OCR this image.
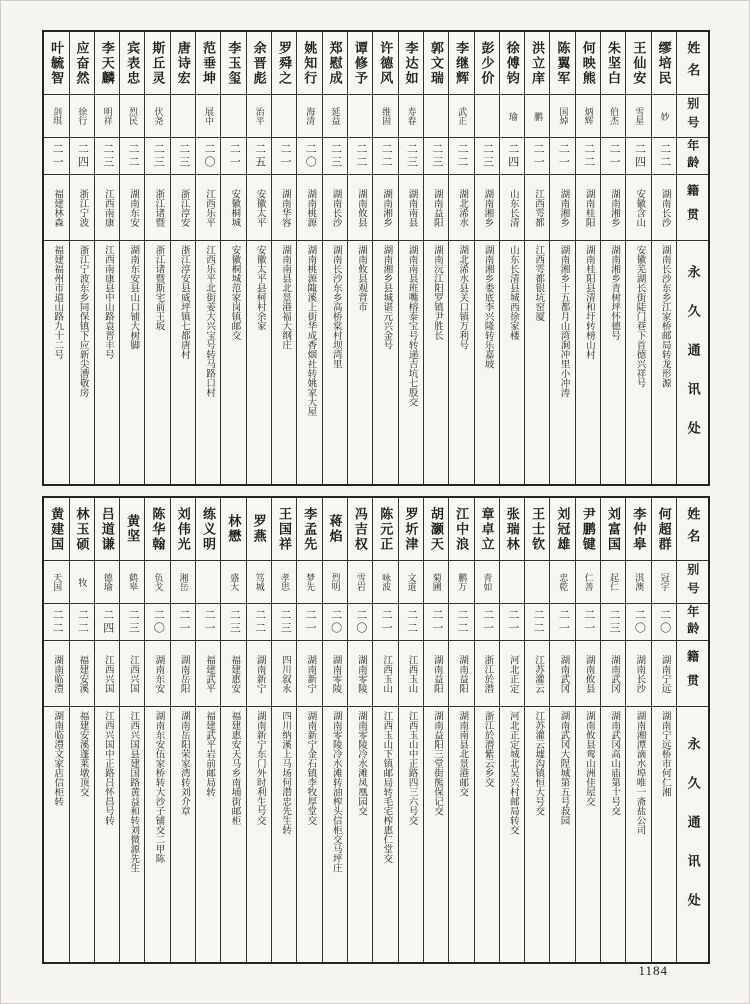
姓名
别号
年龄
籍贯
永久通讯处
缪培民
妙
二二
湖南长沙
湖南长沙东乡江家桥邮局转龙形源
王仙安
雪星
二四
安徽含山
安徽芜湖长街陡门巷下首德兴祥号
朱坚白
伯杰
二一
湖南湘乡
湖南湘乡青树坪怀德号
何映熊
炳辉
二二
湖南桂阳
湖南桂阳县清和圩转榜山村
陈翼军
国焯
二一
湖南湘乡
湖南湘乡十五都月山湾涧冲里小冲涛
洪立庠
鹏
二一
江西雩都
江西雩都银坑窑厦
徐傅钧
瑜
二四
山东长清
山东长清县城西徐家楼
彭少价
二三
湖南湘乡
湖南湘乡娄底李兴隆转乐嘉坡
李继辉
武正
二二
湖北浠水
湖北浠水县关口镇万利号
郭文瑞
二三
湖南益阳
湖南沅江阳罗镇尹胜长
李达如
寿春
二三
湖南南县
湖南南县班嘴榕泰宝号转递吉坑七股交
许德风
维固
二二
湖南湘乡
湖南湘乡县城谌元兴金号
谭修予
二二
湖南攸县
湖南攸县观背市
郑慰成
延益
二三
湖南长沙
湖南长沙东乡高桥棠村坝湾里
姚知行
海清
二〇
湖南桃源
湖南桃源陬溪上街华成香烟社转姚家大屋
罗舜之
二一
湖南华容
湖南南县北景港福大纲庄
余晋彪
治平
二五
安徽太平
安徽太平县柯村余家
李玉玺
二一
安徽桐城
安徽桐城范家岗镇邮交
范垂坤
展中
二〇
江西乐平
江西乐平北街姜大兴宝号转马路口村
唐诗宏
二三
浙江淳安
浙江淳安县威坪镇七都唐村
斯丘灵
伏尧
二三
浙江诸暨
浙江诸暨斯宅前王坂
宾表忠
烈民
二二
湖南东安
湖南东安县山口铺大树脚
李天麟
明祥
二三
江西南康
江西南康县中山路袁晋丰号
应奋然
徐行
二四
浙江宁波
浙江宁波东乡同保镇下应新尖漕敬房
叶毓智
剑琪
二一
福建林森
福建福州市道山路九十二号
姓名
别号
年龄
籍贯
永久通讯处
何超群
冠宇
二〇
湖南宁远
湖南宁远桥市何仁湘
李仲皋
淇澳
二〇
湖南长沙
湖南湘潭滴水埠唯一斋盐公司
刘富国
起仁
二三
湖南武冈
湖南武冈高山庙第十号交
尹鹏键
仁善
二一
湖南攸县
湖南攸县鸾山洲佳屋交
刘冠雄
忠乾
二一
湖南武冈
湖南武冈大陧城第五号菽园
王士钦
二二
江苏灌云
江苏灌云墟沟镇恒大号交
张瑞林
二一
河北正定
河北正定城北吴兴村邮局转交
章卓立
青如
二一
浙江於潜
浙江於潜紫云乡交
江中浪
鹏万
二二
湖南益阳
湖南南县北景港邮交
胡灏天
菊圃
二一
湖南益阳
湖南益阳三堂街熊保记交
罗圻津
文道
二二
江西玉山
江西玉山中正路四三六号交
陈元正
咏波
二一
江西玉山
江西玉山下镇邮局转毛宅榨惠仁堂交
冯吉权
雪岩
二〇
湖南零陵
湖南零陵冷水滩凤凰园交
蒋焰
烈明
二〇
湖南零陵
湖南零陵冷水滩转油榨头信柜交马坪庄
李孟先
梦先
二一
湖南新宁
湖南新宁金石镇李牧厚堂交
王国祥
孝思
二三
四川叙永
四川纳溪上马场何潜忠先生转
罗燕
笃城
二二
湖南新宁
湖南新宁东门外时利生号交
林懋
盛大
二三
福建惠安
福建惠安天马乡南埔街邮柜
练义明
二一
福建武平
福建武平岩前邮局转
刘伟光
湘岳
二一
湖南岳阳
湖南岳阳荣家湾转刘介章
陈华翰
负戈
二〇
湖南东安
湖南东安伍家桥转大沙子铺交二甲陈
黄坚
鹤皋
二三
江西兴国
江西兴国县建国路黄益和转刘微源先生
吕道谦
德瑜
二四
江西兴国
江西兴国中正路吕怀昌号转
林玉硕
牧
二二
福建安溪
福建安溪蓬莱墩顶交
黄建国
天国
二二
湖南临澧
湖南临澧文家店信柜转
1184
